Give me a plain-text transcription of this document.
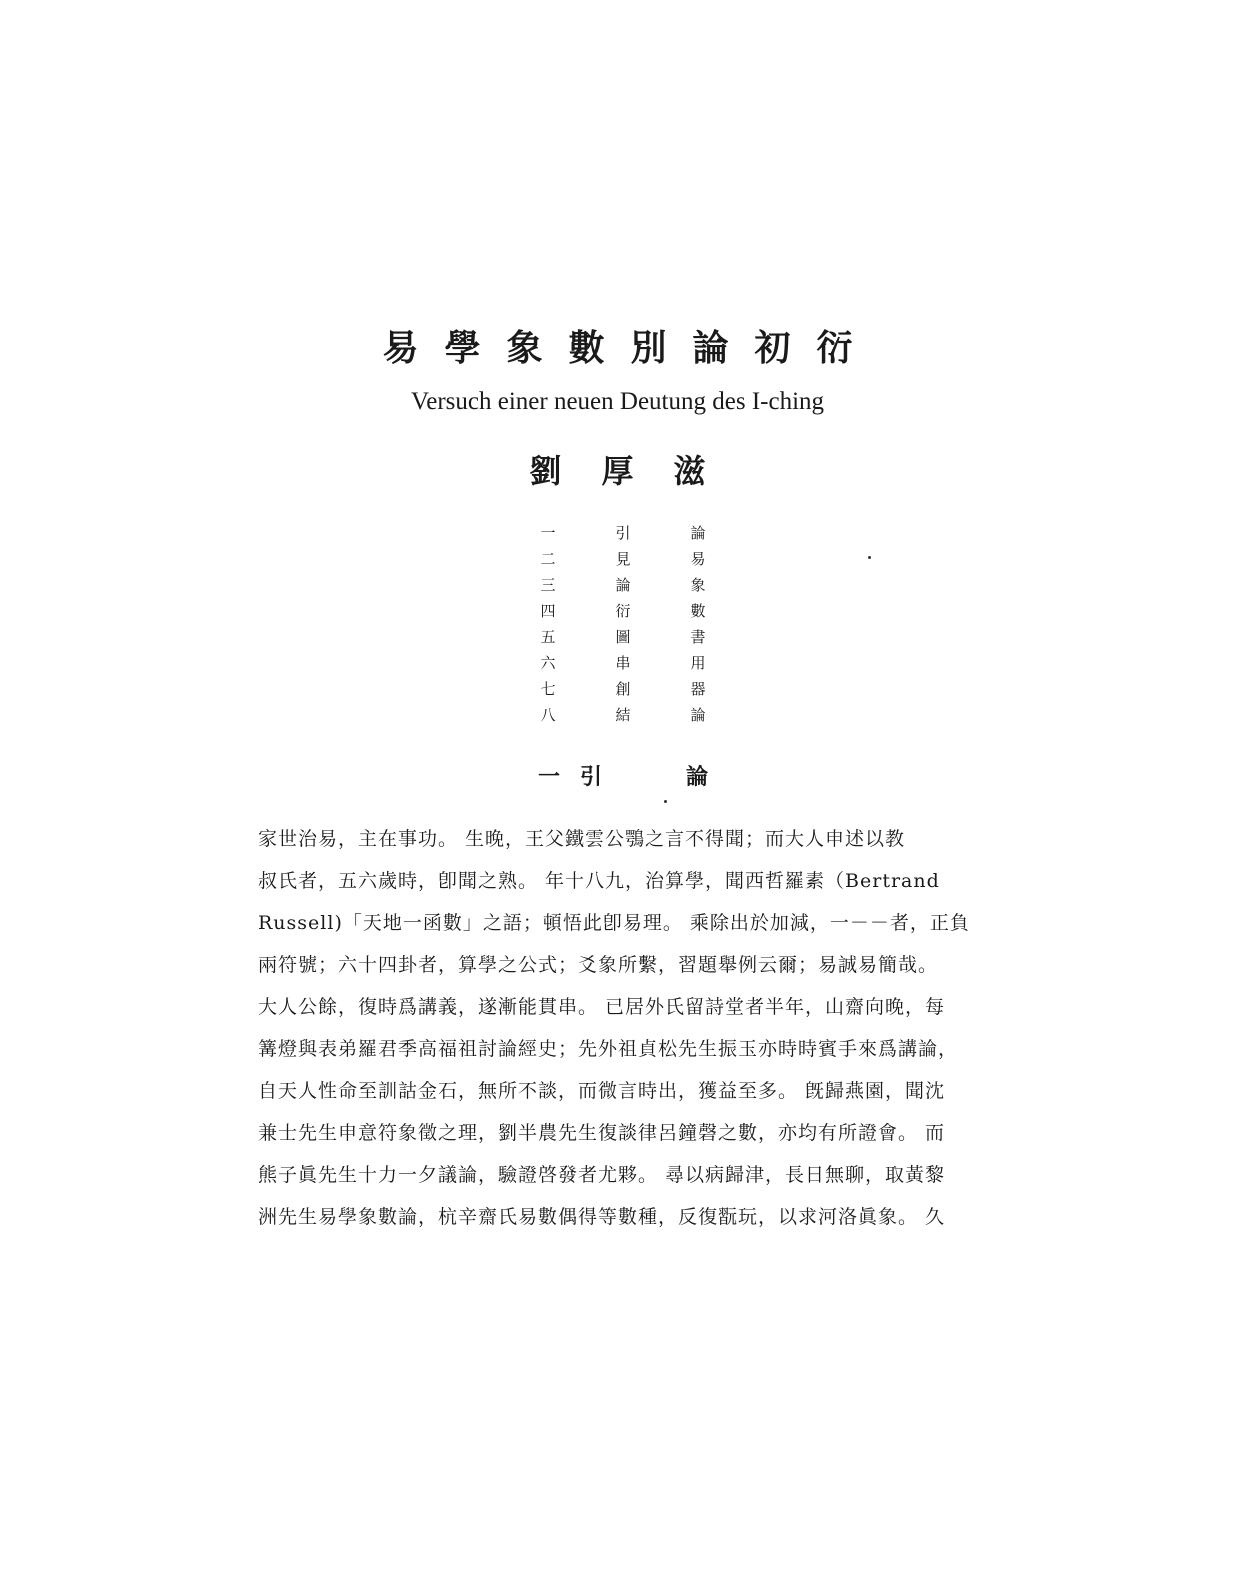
易學象數別論初衍
Versuch einer neuen Deutung des I-ching
劉厚滋
一	引	論
二	見	易
三	論	象
四	衍	數
五	圖	書
六	串	用
七	創	器
八	結	論
一引	論
家世治易，主在事功。 生晚，王父鐵雲公鶚之言不得聞；而大人申述以教
叔氏者，五六歲時，卽聞之熟。 年十八九，治算學，聞西哲羅素（Bertrand
Russell)「天地一函數」之語；頓悟此卽易理。 乘除出於加減，一－－者，正負
兩符號；六十四卦者，算學之公式；爻象所繫，習題舉例云爾；易誠易簡哉。
大人公餘，復時爲講義，遂漸能貫串。 已居外氏留詩堂者半年，山齋向晚，每
篝燈與表弟羅君季高福祖討論經史；先外祖貞松先生振玉亦時時賓手來爲講論，
自天人性命至訓詁金石，無所不談，而微言時出，獲益至多。 旣歸燕園，聞沈
兼士先生申意符象徵之理，劉半農先生復談律呂鐘磬之數，亦均有所證會。 而
熊子眞先生十力一夕議論，驗證啓發者尤夥。 尋以病歸津，長日無聊，取黃黎
洲先生易學象數論，杭辛齋氏易數偶得等數種，反復翫玩，以求河洛眞象。 久
